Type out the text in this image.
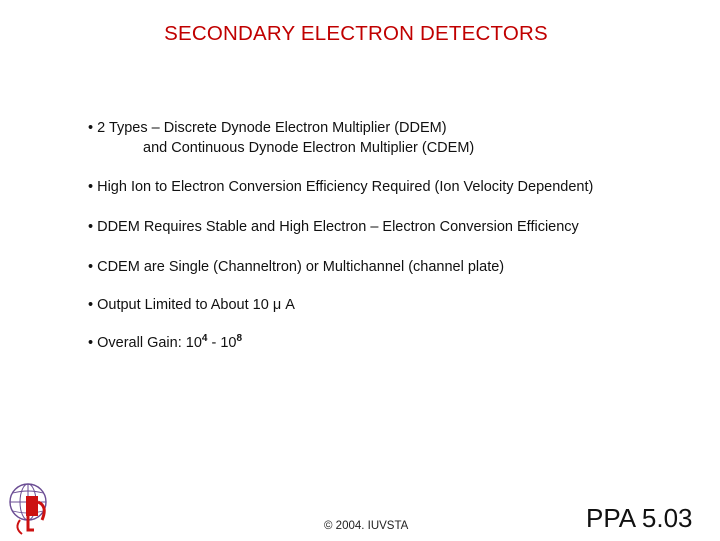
SECONDARY ELECTRON DETECTORS
• 2 Types – Discrete Dynode Electron Multiplier (DDEM)
and Continuous Dynode Electron Multiplier (CDEM)
• High Ion to Electron Conversion Efficiency Required (Ion Velocity Dependent)
• DDEM Requires Stable and High Electron – Electron Conversion Efficiency
• CDEM are Single (Channeltron) or Multichannel (channel plate)
• Output Limited to About 10 μ A
• Overall Gain: $10^4 - 10^8$
© 2004. IUVSTA	PPA 5.03
